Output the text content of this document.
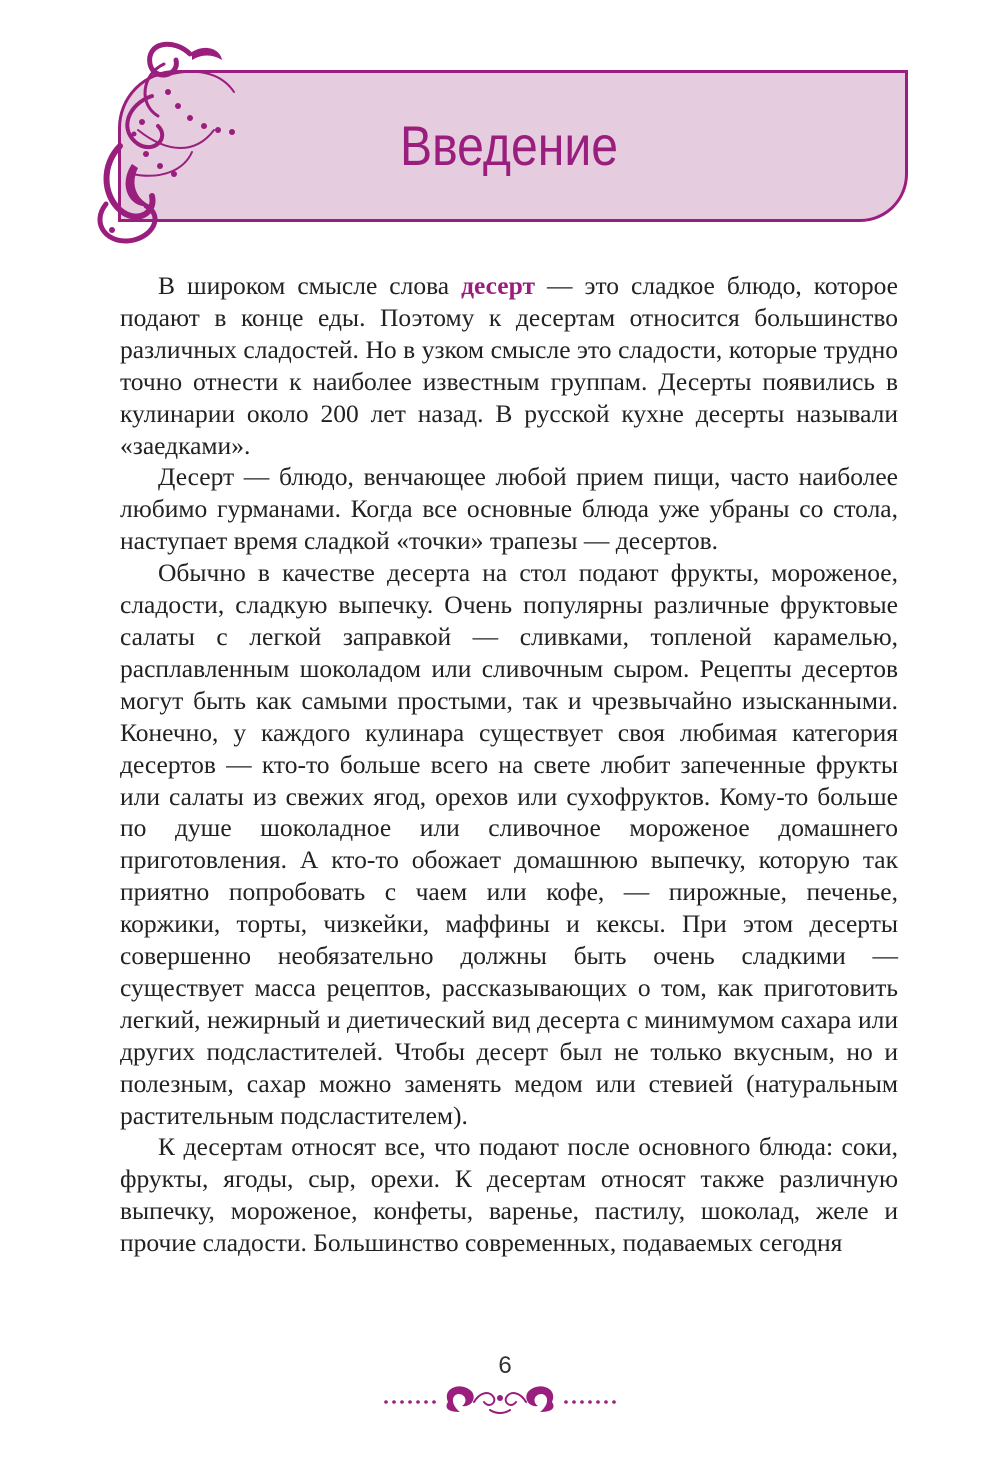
Введение

В широком смысле слова десерт — это сладкое блюдо, которое подают в конце еды. Поэтому к десертам относится большинство различных сладостей. Но в узком смысле это сладости, которые трудно точно отнести к наиболее известным группам. Десерты появились в кулинарии около 200 лет назад. В русской кухне десерты называли «заедками».

Десерт — блюдо, венчающее любой прием пищи, часто наиболее любимо гурманами. Когда все основные блюда уже убраны со стола, наступает время сладкой «точки» трапезы — десертов.

Обычно в качестве десерта на стол подают фрукты, мороженое, сладости, сладкую выпечку. Очень популярны различные фруктовые салаты с легкой заправкой — сливками, топленой карамелью, расплавленным шоколадом или сливочным сыром. Рецепты десертов могут быть как самыми простыми, так и чрезвычайно изысканными. Конечно, у каждого кулинара существует своя любимая категория десертов — кто-то больше всего на свете любит запеченные фрукты или салаты из свежих ягод, орехов или сухофруктов. Кому-то больше по душе шоколадное или сливочное мороженое домашнего приготовления. А кто-то обожает домашнюю выпечку, которую так приятно попробовать с чаем или кофе, — пирожные, печенье, коржики, торты, чизкейки, маффины и кексы. При этом десерты совершенно необязательно должны быть очень сладкими — существует масса рецептов, рассказывающих о том, как приготовить легкий, нежирный и диетический вид десерта с минимумом сахара или других подсластителей. Чтобы десерт был не только вкусным, но и полезным, сахар можно заменять медом или стевией (натуральным растительным подсластителем).

К десертам относят все, что подают после основного блюда: соки, фрукты, ягоды, сыр, орехи. К десертам относят также различную выпечку, мороженое, конфеты, варенье, пастилу, шоколад, желе и прочие сладости. Большинство современных, подаваемых сегодня

6
